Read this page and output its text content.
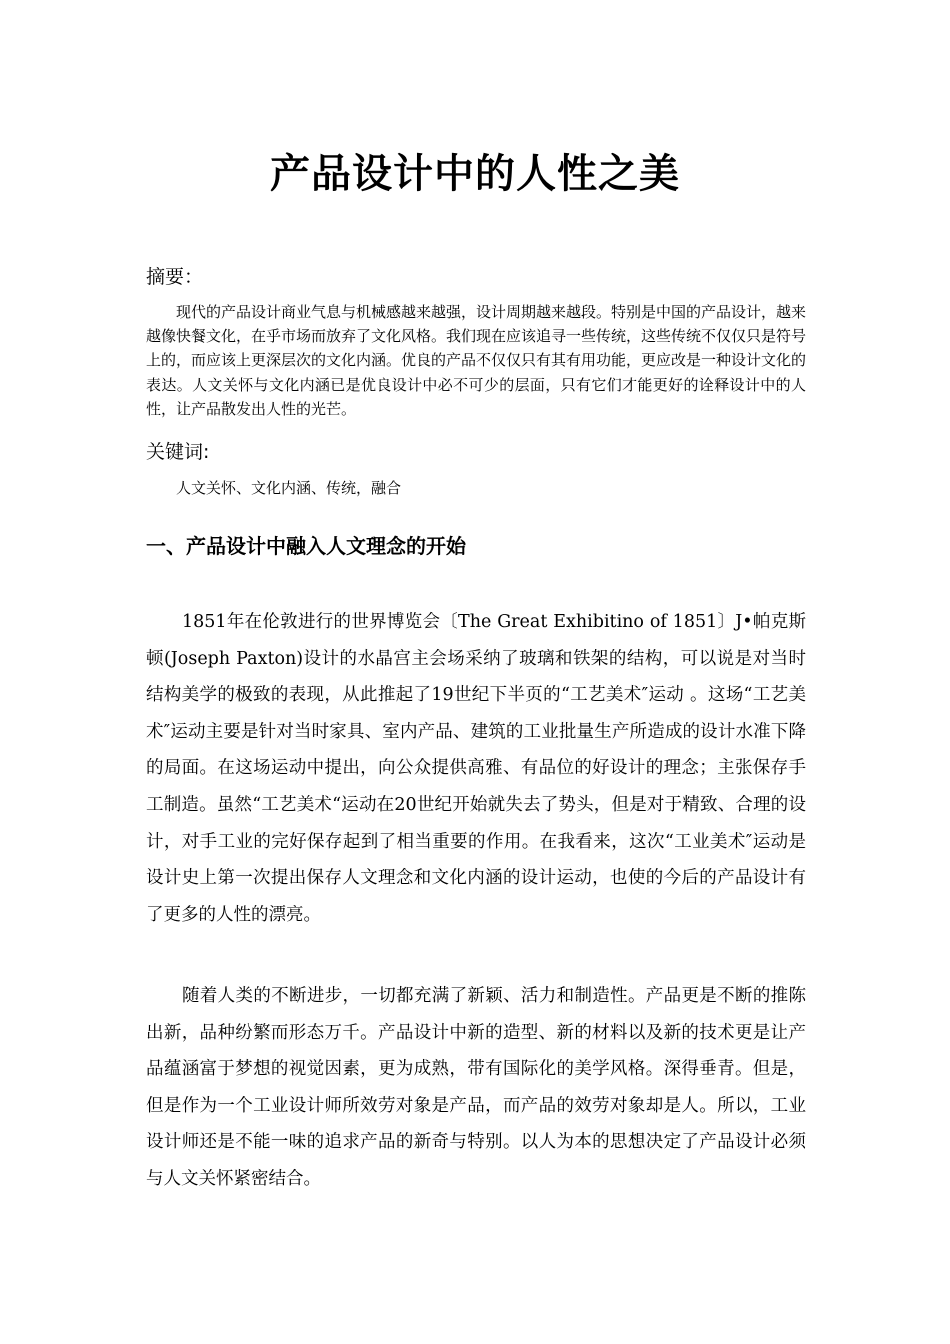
产品设计中的人性之美
摘要：

现代的产品设计商业气息与机械感越来越强，设计周期越来越段。特别是中国的产品设计，越来越像快餐文化，在乎市场而放弃了文化风格。我们现在应该追寻一些传统，这些传统不仅仅只是符号上的，而应该上更深层次的文化内涵。优良的产品不仅仅只有其有用功能，更应改是一种设计文化的表达。人文关怀与文化内涵已是优良设计中必不可少的层面，只有它们才能更好的诠释设计中的人性，让产品散发出人性的光芒。

关键词:

人文关怀、文化内涵、传统，融合

一、产品设计中融入人文理念的开始

1851年在伦敦进行的世界博览会〔The Great Exhibitino of 1851〕J•帕克斯顿(Joseph Paxton)设计的水晶宫主会场采纳了玻璃和铁架的结构，可以说是对当时结构美学的极致的表现，从此推起了19世纪下半页的“工艺美术″运动 。这场“工艺美术″运动主要是针对当时家具、室内产品、建筑的工业批量生产所造成的设计水准下降的局面。在这场运动中提出，向公众提供高雅、有品位的好设计的理念；主张保存手工制造。虽然“工艺美术“运动在20世纪开始就失去了势头，但是对于精致、合理的设计，对手工业的完好保存起到了相当重要的作用。在我看来，这次“工业美术″运动是设计史上第一次提出保存人文理念和文化内涵的设计运动，也使的今后的产品设计有了更多的人性的漂亮。

随着人类的不断进步，一切都充满了新颖、活力和制造性。产品更是不断的推陈出新，品种纷繁而形态万千。产品设计中新的造型、新的材料以及新的技术更是让产品蕴涵富于梦想的视觉因素，更为成熟，带有国际化的美学风格。深得垂青。但是，但是作为一个工业设计师所效劳对象是产品，而产品的效劳对象却是人。所以，工业设计师还是不能一味的追求产品的新奇与特别。以人为本的思想决定了产品设计必须与人文关怀紧密结合。
